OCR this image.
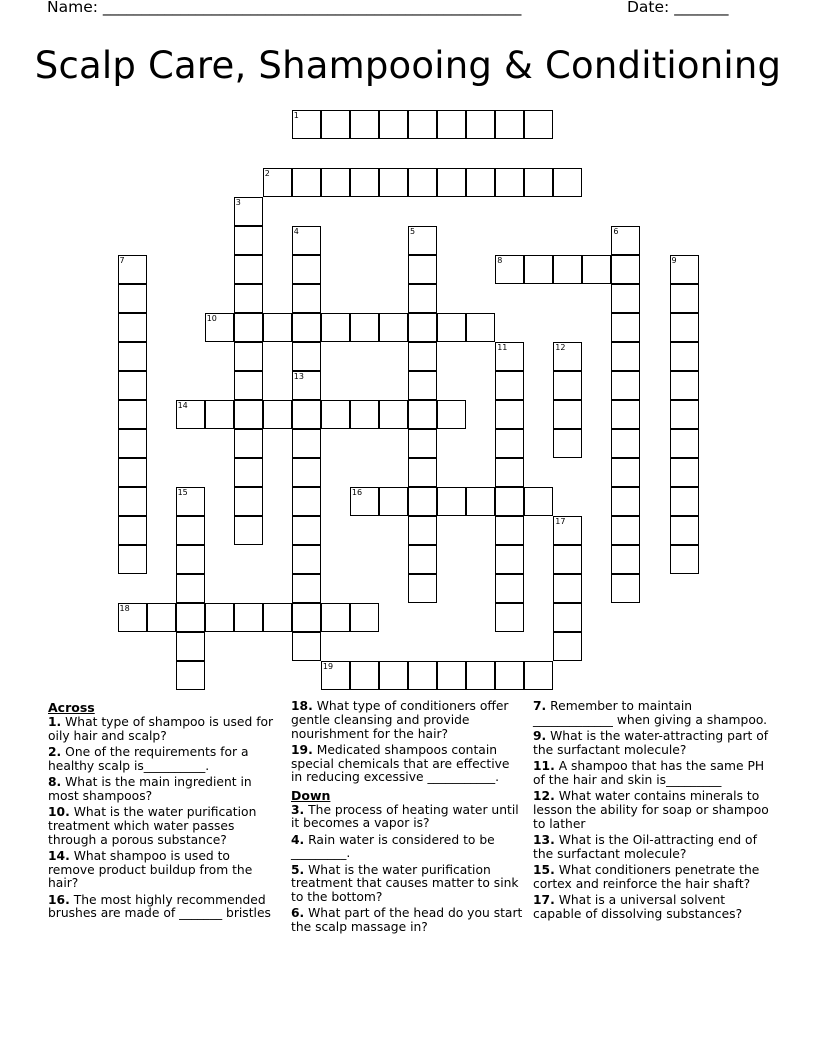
Name: ______________________________________________________	Date: _______
Scalp Care, Shampooing & Conditioning
1
2
3
4
13
5	6
7	8	9
10
11	12
14
15	16
17
18
19
Across

1. What type of shampoo is used for oily hair and scalp?

2. One of the requirements for a healthy scalp is__________.

8. What is the main ingredient in most shampoos?

10. What is the water purification treatment which water passes through a porous substance?

14. What shampoo is used to remove product buildup from the hair?

16. The most highly recommended brushes are made of _______ bristles

18. What type of conditioners offer gentle cleansing and provide nourishment for the hair?

19. Medicated shampoos contain special chemicals that are effective in reducing excessive ___________.

Down

3. The process of heating water until it becomes a vapor is?

4. Rain water is considered to be _________.

5. What is the water purification treatment that causes matter to sink to the bottom?

6. What part of the head do you start the scalp massage in?

7. Remember to maintain _____________ when giving a shampoo.

9. What is the water-attracting part of the surfactant molecule?

11. A shampoo that has the same PH of the hair and skin is_________

12. What water contains minerals to lesson the ability for soap or shampoo to lather

13. What is the Oil-attracting end of the surfactant molecule?

15. What conditioners penetrate the cortex and reinforce the hair shaft?

17. What is a universal solvent capable of dissolving substances?
